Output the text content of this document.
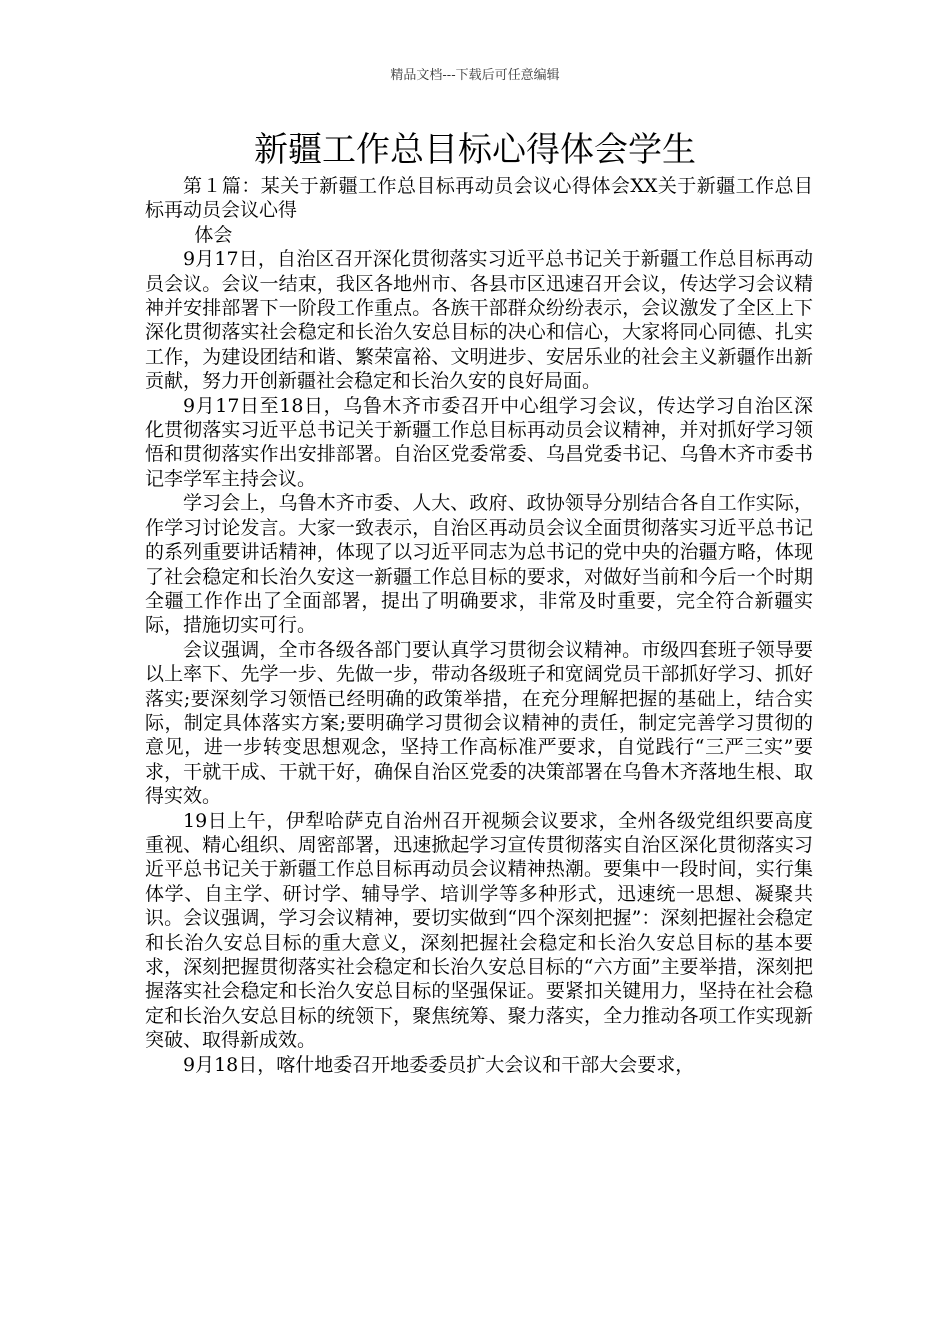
精品文档---下载后可任意编辑
新疆工作总目标心得体会学生

第１篇：某关于新疆工作总目标再动员会议心得体会XX关于新疆工作总目标再动员会议心得

体会

9月17日，自治区召开深化贯彻落实习近平总书记关于新疆工作总目标再动员会议。会议一结束，我区各地州市、各县市区迅速召开会议，传达学习会议精神并安排部署下一阶段工作重点。各族干部群众纷纷表示，会议激发了全区上下深化贯彻落实社会稳定和长治久安总目标的决心和信心，大家将同心同德、扎实工作，为建设团结和谐、繁荣富裕、文明进步、安居乐业的社会主义新疆作出新贡献，努力开创新疆社会稳定和长治久安的良好局面。

9月17日至18日，乌鲁木齐市委召开中心组学习会议，传达学习自治区深化贯彻落实习近平总书记关于新疆工作总目标再动员会议精神，并对抓好学习领悟和贯彻落实作出安排部署。自治区党委常委、乌昌党委书记、乌鲁木齐市委书记李学军主持会议。

学习会上，乌鲁木齐市委、人大、政府、政协领导分别结合各自工作实际，作学习讨论发言。大家一致表示，自治区再动员会议全面贯彻落实习近平总书记的系列重要讲话精神，体现了以习近平同志为总书记的党中央的治疆方略，体现了社会稳定和长治久安这一新疆工作总目标的要求，对做好当前和今后一个时期全疆工作作出了全面部署，提出了明确要求，非常及时重要，完全符合新疆实际，措施切实可行。

会议强调，全市各级各部门要认真学习贯彻会议精神。市级四套班子领导要以上率下、先学一步、先做一步，带动各级班子和宽阔党员干部抓好学习、抓好落实;要深刻学习领悟已经明确的政策举措，在充分理解把握的基础上，结合实际，制定具体落实方案;要明确学习贯彻会议精神的责任，制定完善学习贯彻的意见，进一步转变思想观念，坚持工作高标准严要求，自觉践行“三严三实”要求，干就干成、干就干好，确保自治区党委的决策部署在乌鲁木齐落地生根、取得实效。

19日上午，伊犁哈萨克自治州召开视频会议要求，全州各级党组织要高度重视、精心组织、周密部署，迅速掀起学习宣传贯彻落实自治区深化贯彻落实习近平总书记关于新疆工作总目标再动员会议精神热潮。要集中一段时间，实行集体学、自主学、研讨学、辅导学、培训学等多种形式，迅速统一思想、凝聚共识。会议强调，学习会议精神，要切实做到“四个深刻把握”：深刻把握社会稳定和长治久安总目标的重大意义，深刻把握社会稳定和长治久安总目标的基本要求，深刻把握贯彻落实社会稳定和长治久安总目标的“六方面”主要举措，深刻把握落实社会稳定和长治久安总目标的坚强保证。要紧扣关键用力，坚持在社会稳定和长治久安总目标的统领下，聚焦统筹、聚力落实，全力推动各项工作实现新突破、取得新成效。

9月18日，喀什地委召开地委委员扩大会议和干部大会要求，
